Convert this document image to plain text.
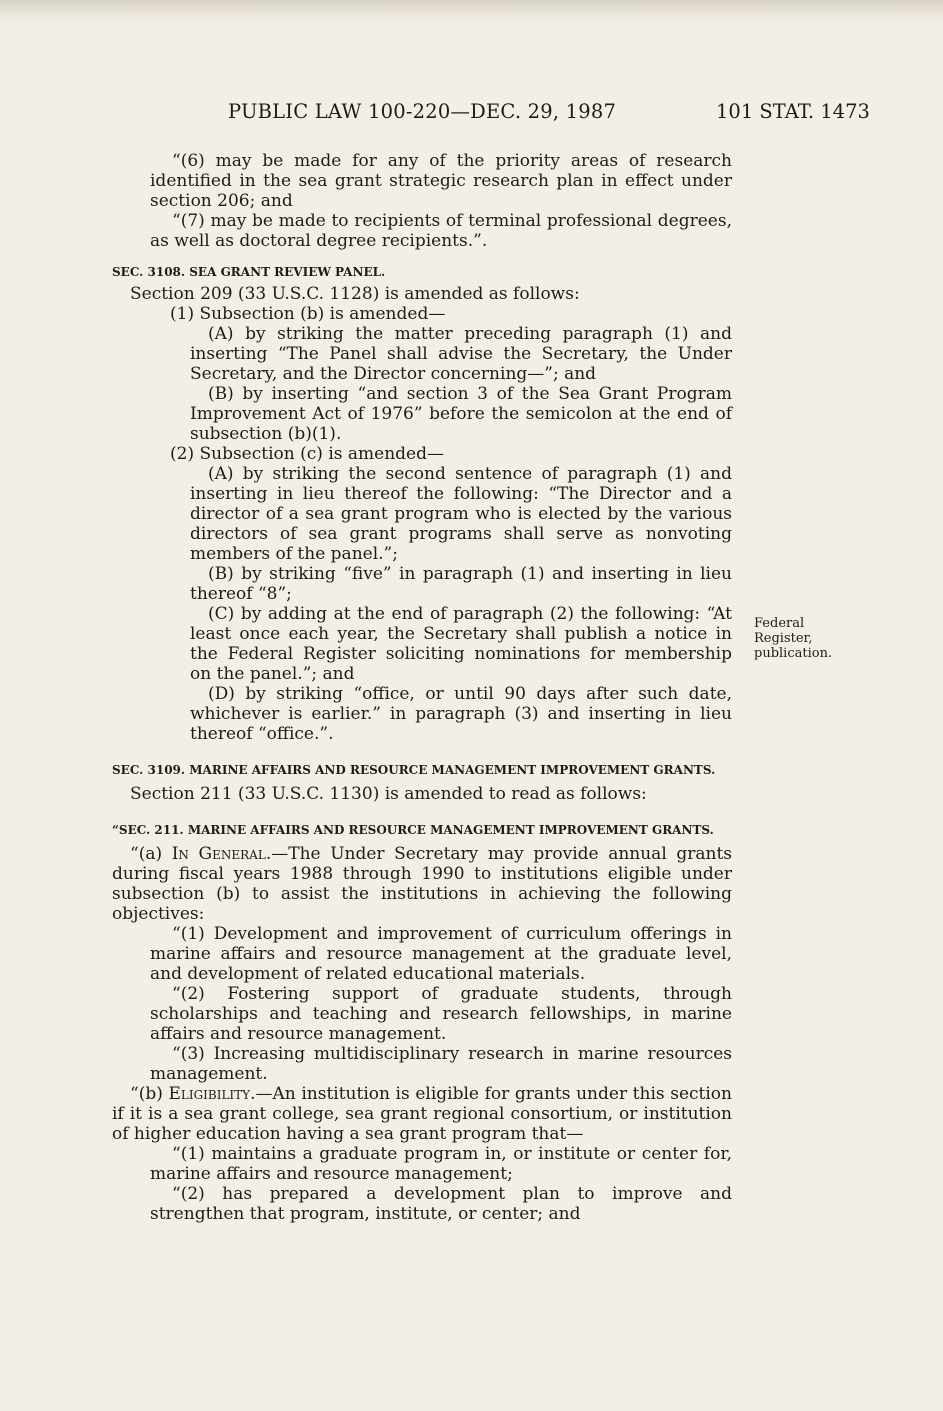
PUBLIC LAW 100-220—DEC. 29, 1987	101 STAT. 1473

“(6) may be made for any of the priority areas of research identified in the sea grant strategic research plan in effect under section 206; and

“(7) may be made to recipients of terminal professional degrees, as well as doctoral degree recipients.”.

SEC. 3108. SEA GRANT REVIEW PANEL.

Section 209 (33 U.S.C. 1128) is amended as follows:

(1) Subsection (b) is amended—

(A) by striking the matter preceding paragraph (1) and inserting “The Panel shall advise the Secretary, the Under Secretary, and the Director concerning—”; and

(B) by inserting “and section 3 of the Sea Grant Program Improvement Act of 1976” before the semicolon at the end of subsection (b)(1).

(2) Subsection (c) is amended—

(A) by striking the second sentence of paragraph (1) and inserting in lieu thereof the following: “The Director and a director of a sea grant program who is elected by the various directors of sea grant programs shall serve as nonvoting members of the panel.”;

(B) by striking “five” in paragraph (1) and inserting in lieu thereof “8”;

(C) by adding at the end of paragraph (2) the following: “At least once each year, the Secretary shall publish a notice in the Federal Register soliciting nominations for membership on the panel.”; and

(D) by striking “office, or until 90 days after such date, whichever is earlier.” in paragraph (3) and inserting in lieu thereof “office.”.

SEC. 3109. MARINE AFFAIRS AND RESOURCE MANAGEMENT IMPROVEMENT GRANTS.

Section 211 (33 U.S.C. 1130) is amended to read as follows:

“SEC. 211. MARINE AFFAIRS AND RESOURCE MANAGEMENT IMPROVEMENT GRANTS.

“(a) In General.—The Under Secretary may provide annual grants during fiscal years 1988 through 1990 to institutions eligible under subsection (b) to assist the institutions in achieving the following objectives:

“(1) Development and improvement of curriculum offerings in marine affairs and resource management at the graduate level, and development of related educational materials.

“(2) Fostering support of graduate students, through scholarships and teaching and research fellowships, in marine affairs and resource management.

“(3) Increasing multidisciplinary research in marine resources management.

“(b) Eligibility.—An institution is eligible for grants under this section if it is a sea grant college, sea grant regional consortium, or institution of higher education having a sea grant program that—

“(1) maintains a graduate program in, or institute or center for, marine affairs and resource management;

“(2) has prepared a development plan to improve and strengthen that program, institute, or center; and

Federal
Register,
publication.
